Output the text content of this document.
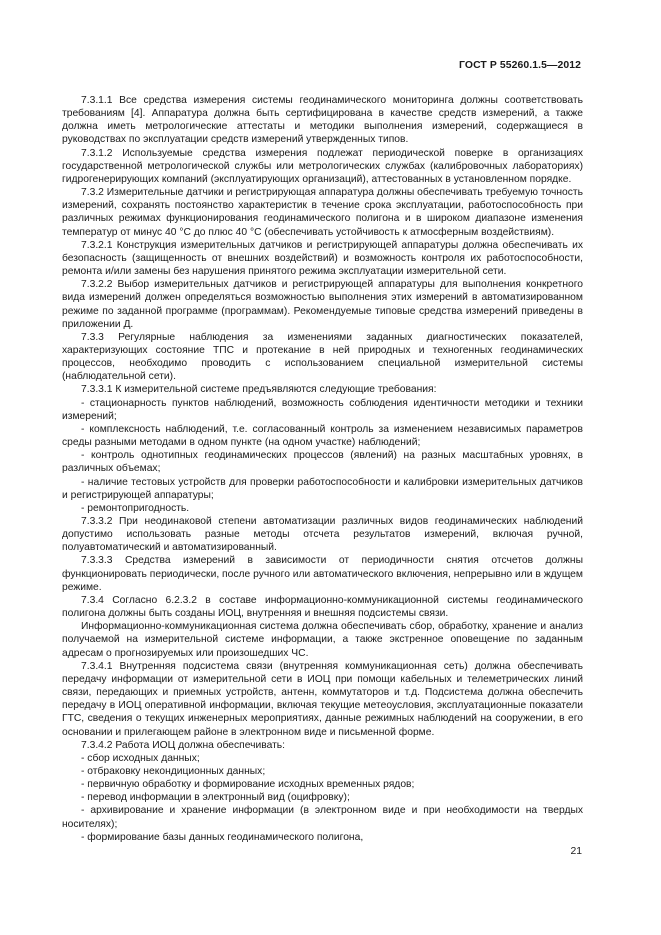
ГОСТ Р 55260.1.5—2012

7.3.1.1 Все средства измерения системы геодинамического мониторинга должны соответствовать требованиям [4]. Аппаратура должна быть сертифицирована в качестве средств измерений, а также должна иметь метрологические аттестаты и методики выполнения измерений, содержащиеся в руководствах по эксплуатации средств измерений утвержденных типов.

7.3.1.2 Используемые средства измерения подлежат периодической поверке в организациях государственной метрологической службы или метрологических службах (калибровочных лабораториях) гидрогенерирующих компаний (эксплуатирующих организаций), аттестованных в установленном порядке.

7.3.2 Измерительные датчики и регистрирующая аппаратура должны обеспечивать требуемую точность измерений, сохранять постоянство характеристик в течение срока эксплуатации, работоспособность при различных режимах функционирования геодинамического полигона и в широком диапазоне изменения температур от минус 40 °С до плюс 40 °С (обеспечивать устойчивость к атмосферным воздействиям).

7.3.2.1 Конструкция измерительных датчиков и регистрирующей аппаратуры должна обеспечивать их безопасность (защищенность от внешних воздействий) и возможность контроля их работоспособности, ремонта и/или замены без нарушения принятого режима эксплуатации измерительной сети.

7.3.2.2 Выбор измерительных датчиков и регистрирующей аппаратуры для выполнения конкретного вида измерений должен определяться возможностью выполнения этих измерений в автоматизированном режиме по заданной программе (программам). Рекомендуемые типовые средства измерений приведены в приложении Д.

7.3.3 Регулярные наблюдения за изменениями заданных диагностических показателей, характеризующих состояние ТПС и протекание в ней природных и техногенных геодинамических процессов, необходимо проводить с использованием специальной измерительной системы (наблюдательной сети).

7.3.3.1 К измерительной системе предъявляются следующие требования:

- стационарность пунктов наблюдений, возможность соблюдения идентичности методики и техники измерений;

- комплексность наблюдений, т.е. согласованный контроль за изменением независимых параметров среды разными методами в одном пункте (на одном участке) наблюдений;

- контроль однотипных геодинамических процессов (явлений) на разных масштабных уровнях, в различных объемах;

- наличие тестовых устройств для проверки работоспособности и калибровки измерительных датчиков и регистрирующей аппаратуры;

- ремонтопригодность.

7.3.3.2 При неодинаковой степени автоматизации различных видов геодинамических наблюдений допустимо использовать разные методы отсчета результатов измерений, включая ручной, полуавтоматический и автоматизированный.

7.3.3.3 Средства измерений в зависимости от периодичности снятия отсчетов должны функционировать периодически, после ручного или автоматического включения, непрерывно или в ждущем режиме.

7.3.4 Согласно 6.2.3.2 в составе информационно-коммуникационной системы геодинамического полигона должны быть созданы ИОЦ, внутренняя и внешняя подсистемы связи.

Информационно-коммуникационная система должна обеспечивать сбор, обработку, хранение и анализ получаемой на измерительной системе информации, а также экстренное оповещение по заданным адресам о прогнозируемых или произошедших ЧС.

7.3.4.1 Внутренняя подсистема связи (внутренняя коммуникационная сеть) должна обеспечивать передачу информации от измерительной сети в ИОЦ при помощи кабельных и телеметрических линий связи, передающих и приемных устройств, антенн, коммутаторов и т.д. Подсистема должна обеспечить передачу в ИОЦ оперативной информации, включая текущие метеоусловия, эксплуатационные показатели ГТС, сведения о текущих инженерных мероприятиях, данные режимных наблюдений на сооружении, в его основании и прилегающем районе в электронном виде и письменной форме.

7.3.4.2 Работа ИОЦ должна обеспечивать:

- сбор исходных данных;

- отбраковку некондиционных данных;

- первичную обработку и формирование исходных временных рядов;

- перевод информации в электронный вид (оцифровку);

- архивирование и хранение информации (в электронном виде и при необходимости на твердых носителях);

- формирование базы данных геодинамического полигона,

21
